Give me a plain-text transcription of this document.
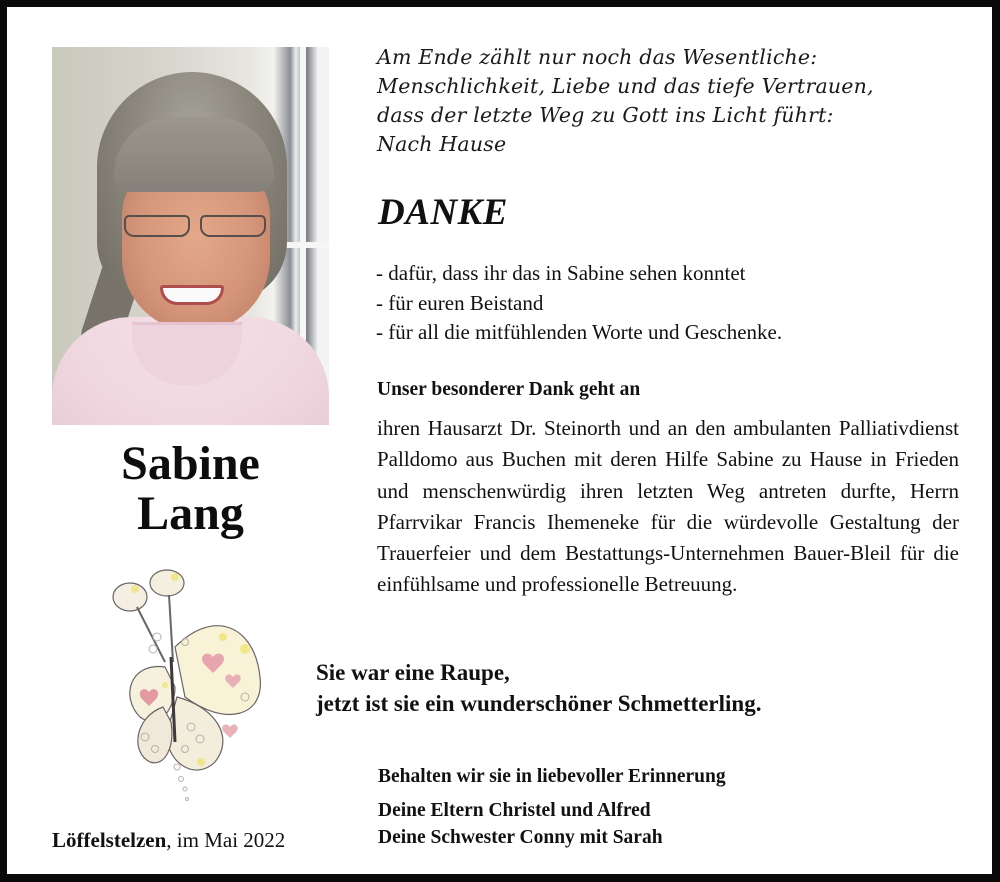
Sabine
Lang
Löffelstelzen, im Mai 2022
Am Ende zählt nur noch das Wesentliche:
Menschlichkeit, Liebe und das tiefe Vertrauen,
dass der letzte Weg zu Gott ins Licht führt:
Nach Hause
DANKE
- dafür, dass ihr das in Sabine sehen konntet
- für euren Beistand
- für all die mitfühlenden Worte und Geschenke.
Unser besonderer Dank geht an
ihren Hausarzt Dr. Steinorth und an den ambulanten Palliativdienst Palldomo aus Buchen mit deren Hilfe Sabine zu Hause in Frieden und menschenwürdig ihren letzten Weg antreten durfte, Herrn Pfarrvikar Francis Ihemeneke für die würdevolle Gestaltung der Trauerfeier und dem Bestattungs-Unternehmen Bauer-Bleil für die einfühlsame und professionelle Betreuung.
Sie war eine Raupe,
jetzt ist sie ein wunderschöner Schmetterling.
Behalten wir sie in liebevoller Erinnerung
Deine Eltern Christel und Alfred
Deine Schwester Conny mit Sarah
